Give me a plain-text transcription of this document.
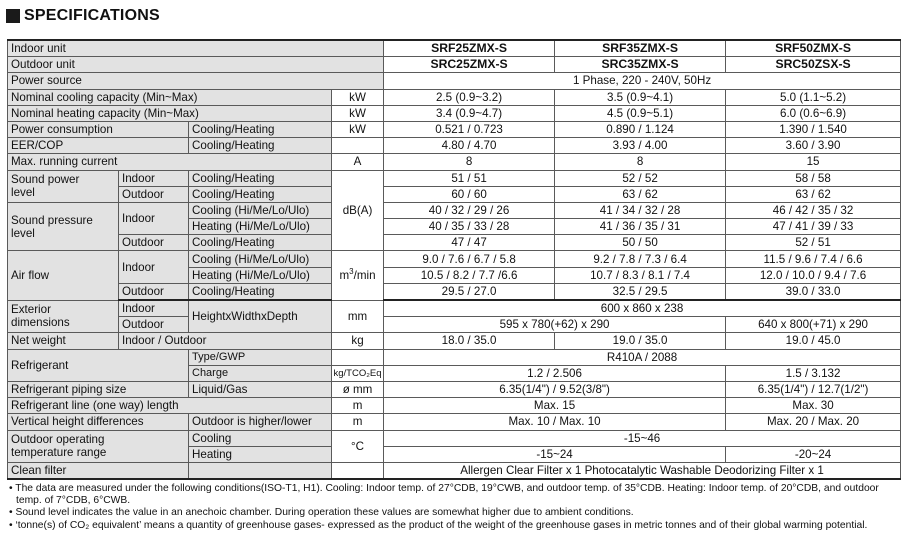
SPECIFICATIONS
Indoor unit				SRF25ZMX-S	SRF35ZMX-S	SRF50ZMX-S
Outdoor unit				SRC25ZMX-S	SRC35ZMX-S	SRC50ZSX-S
Power source				1 Phase, 220 - 240V, 50Hz		
Nominal cooling capacity (Min~Max)			kW	2.5 (0.9~3.2)	3.5 (0.9~4.1)	5.0 (1.1~5.2)
Nominal heating capacity (Min~Max)			kW	3.4 (0.9~4.7)	4.5 (0.9~5.1)	6.0 (0.6~6.9)
Power consumption		Cooling/Heating	kW	0.521 / 0.723	0.890 / 1.124	1.390 / 1.540
EER/COP		Cooling/Heating		4.80 / 4.70	3.93 / 4.00	3.60 / 3.90
Max. running current			A	8	8	15
Sound power
level	Indoor	Cooling/Heating	dB(A)	51 / 51	52 / 52	58 / 58
	Outdoor	Cooling/Heating		60 / 60	63 / 62	63 / 62
Sound pressure
level	Indoor	Cooling (Hi/Me/Lo/Ulo)		40 / 32 / 29 / 26	41 / 34 / 32 / 28	46 / 42 / 35 / 32
		Heating (Hi/Me/Lo/Ulo)		40 / 35 / 33 / 28	41 / 36 / 35 / 31	47 / 41 / 39 / 33
	Outdoor	Cooling/Heating		47 / 47	50 / 50	52 / 51
Air flow	Indoor	Cooling (Hi/Me/Lo/Ulo)	$m^3/\min$	9.0 / 7.6 / 6.7 / 5.8	9.2 / 7.8 / 7.3 / 6.4	11.5 / 9.6 / 7.4 / 6.6
		Heating (Hi/Me/Lo/Ulo)		10.5 / 8.2 / 7.7 /6.6	10.7 / 8.3 / 8.1 / 7.4	12.0 / 10.0 / 9.4 / 7.6
	Outdoor	Cooling/Heating		29.5 / 27.0	32.5 / 29.5	39.0 / 33.0
Exterior
dimensions	Indoor	HeightxWidthxDepth	mm	600 x 860 x 238		
	Outdoor			595 x 780(+62) x 290		640 x 800(+71) x 290
Net weight	Indoor / Outdoor		kg	18.0 / 35.0	19.0 / 35.0	19.0 / 45.0
Refrigerant		Type/GWP		R410A / 2088		
		Charge	kg/TCO₂Eq	1.2 / 2.506		1.5 / 3.132
Refrigerant piping size		Liquid/Gas	ø mm	6.35(1/4") / 9.52(3/8")		6.35(1/4") / 12.7(1/2")
Refrigerant line (one way) length			m	Max. 15		Max. 30
Vertical height differences		Outdoor is higher/lower	m	Max. 10 / Max. 10		Max. 20 / Max. 20
Outdoor operating
temperature range		Cooling	°C	-15~46		
		Heating		-15~24		-20~24
Clean filter				Allergen Clear Filter x 1 Photocatalytic Washable Deodorizing Filter x 1		
• The data are measured under the following conditions(ISO-T1, H1). Cooling: Indoor temp. of 27°CDB, 19°CWB, and outdoor temp. of 35°CDB. Heating: Indoor temp. of 20°CDB, and outdoor temp. of 7°CDB, 6°CWB.
• Sound level indicates the value in an anechoic chamber. During operation these values are somewhat higher due to ambient conditions.
• ‘tonne(s) of CO₂ equivalent’ means a quantity of greenhouse gases- expressed as the product of the weight of the greenhouse gases in metric tonnes and of their global warming potential.
